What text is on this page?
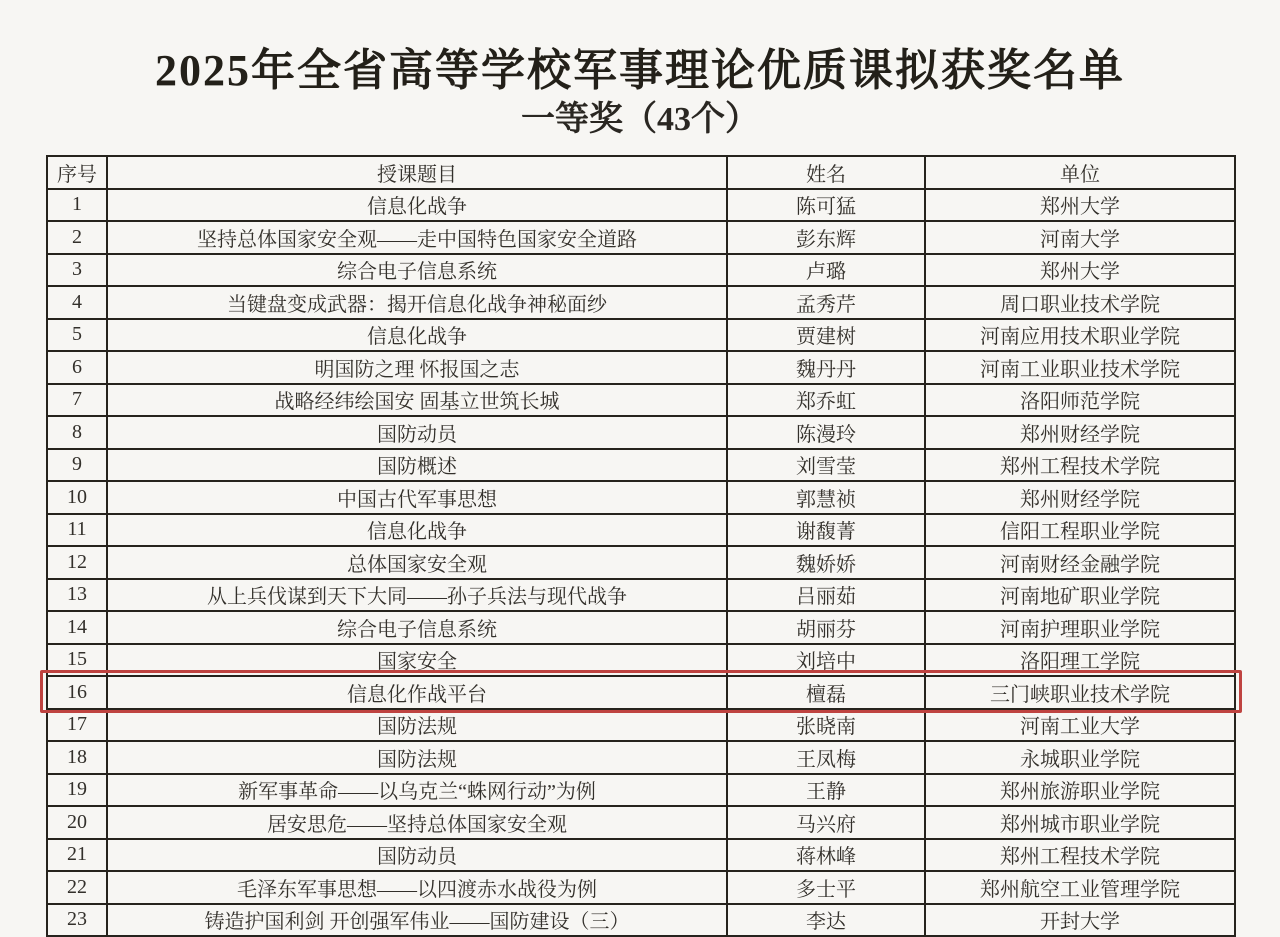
2025年全省高等学校军事理论优质课拟获奖名单
一等奖（43个）
序号	授课题目	姓名	单位
1	信息化战争	陈可猛	郑州大学
2	坚持总体国家安全观——走中国特色国家安全道路	彭东辉	河南大学
3	综合电子信息系统	卢璐	郑州大学
4	当键盘变成武器：揭开信息化战争神秘面纱	孟秀芹	周口职业技术学院
5	信息化战争	贾建树	河南应用技术职业学院
6	明国防之理 怀报国之志	魏丹丹	河南工业职业技术学院
7	战略经纬绘国安 固基立世筑长城	郑乔虹	洛阳师范学院
8	国防动员	陈漫玲	郑州财经学院
9	国防概述	刘雪莹	郑州工程技术学院
10	中国古代军事思想	郭慧祯	郑州财经学院
11	信息化战争	谢馥菁	信阳工程职业学院
12	总体国家安全观	魏娇娇	河南财经金融学院
13	从上兵伐谋到天下大同——孙子兵法与现代战争	吕丽茹	河南地矿职业学院
14	综合电子信息系统	胡丽芬	河南护理职业学院
15	国家安全	刘培中	洛阳理工学院
16	信息化作战平台	檀磊	三门峡职业技术学院
17	国防法规	张晓南	河南工业大学
18	国防法规	王凤梅	永城职业学院
19	新军事革命——以乌克兰“蛛网行动”为例	王静	郑州旅游职业学院
20	居安思危——坚持总体国家安全观	马兴府	郑州城市职业学院
21	国防动员	蒋林峰	郑州工程技术学院
22	毛泽东军事思想——以四渡赤水战役为例	多士平	郑州航空工业管理学院
23	铸造护国利剑 开创强军伟业——国防建设（三）	李达	开封大学
